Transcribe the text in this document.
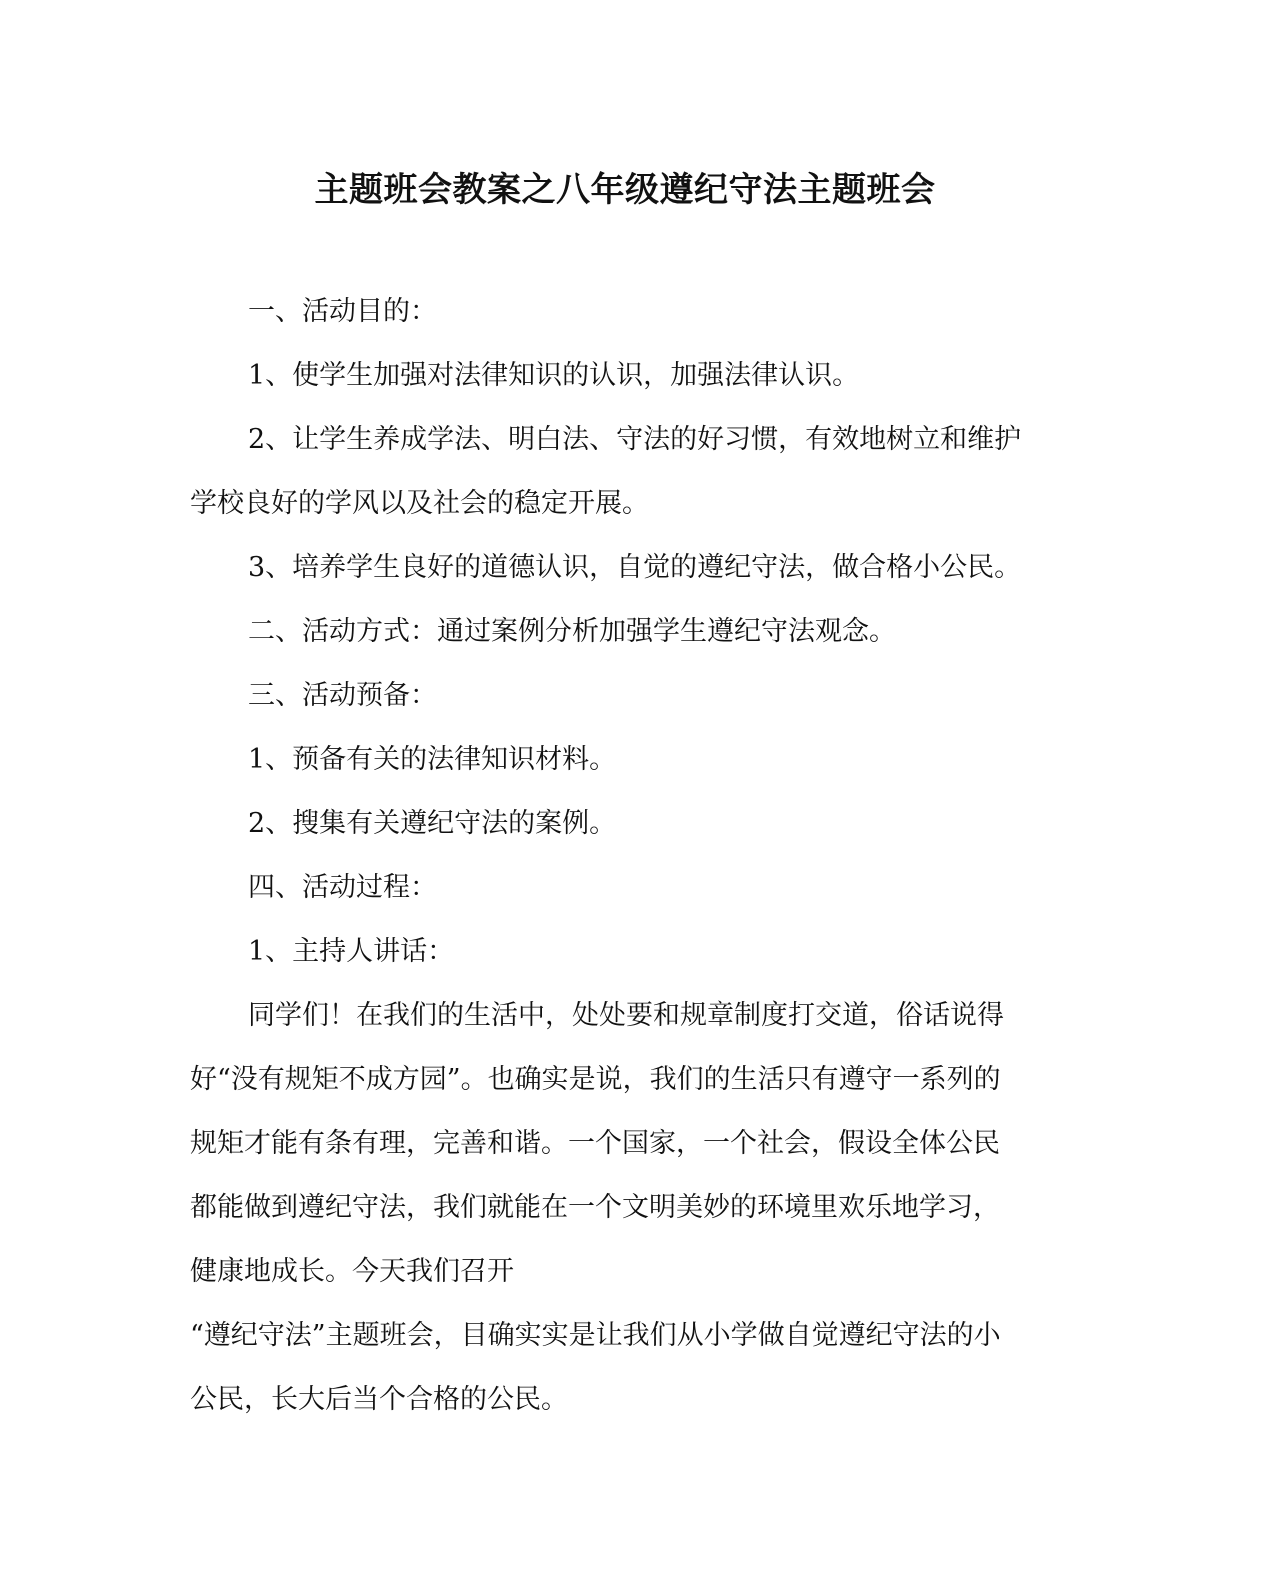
主题班会教案之八年级遵纪守法主题班会
一、活动目的：
1、使学生加强对法律知识的认识，加强法律认识。
2、让学生养成学法、明白法、守法的好习惯，有效地树立和维护
学校良好的学风以及社会的稳定开展。
3、培养学生良好的道德认识，自觉的遵纪守法，做合格小公民。
二、活动方式：通过案例分析加强学生遵纪守法观念。
三、活动预备：
1、预备有关的法律知识材料。
2、搜集有关遵纪守法的案例。
四、活动过程：
1、主持人讲话：
同学们！在我们的生活中，处处要和规章制度打交道，俗话说得
好“没有规矩不成方园”。也确实是说，我们的生活只有遵守一系列的
规矩才能有条有理，完善和谐。一个国家，一个社会，假设全体公民
都能做到遵纪守法，我们就能在一个文明美妙的环境里欢乐地学习，
健康地成长。今天我们召开
“遵纪守法”主题班会，目确实实是让我们从小学做自觉遵纪守法的小
公民，长大后当个合格的公民。
